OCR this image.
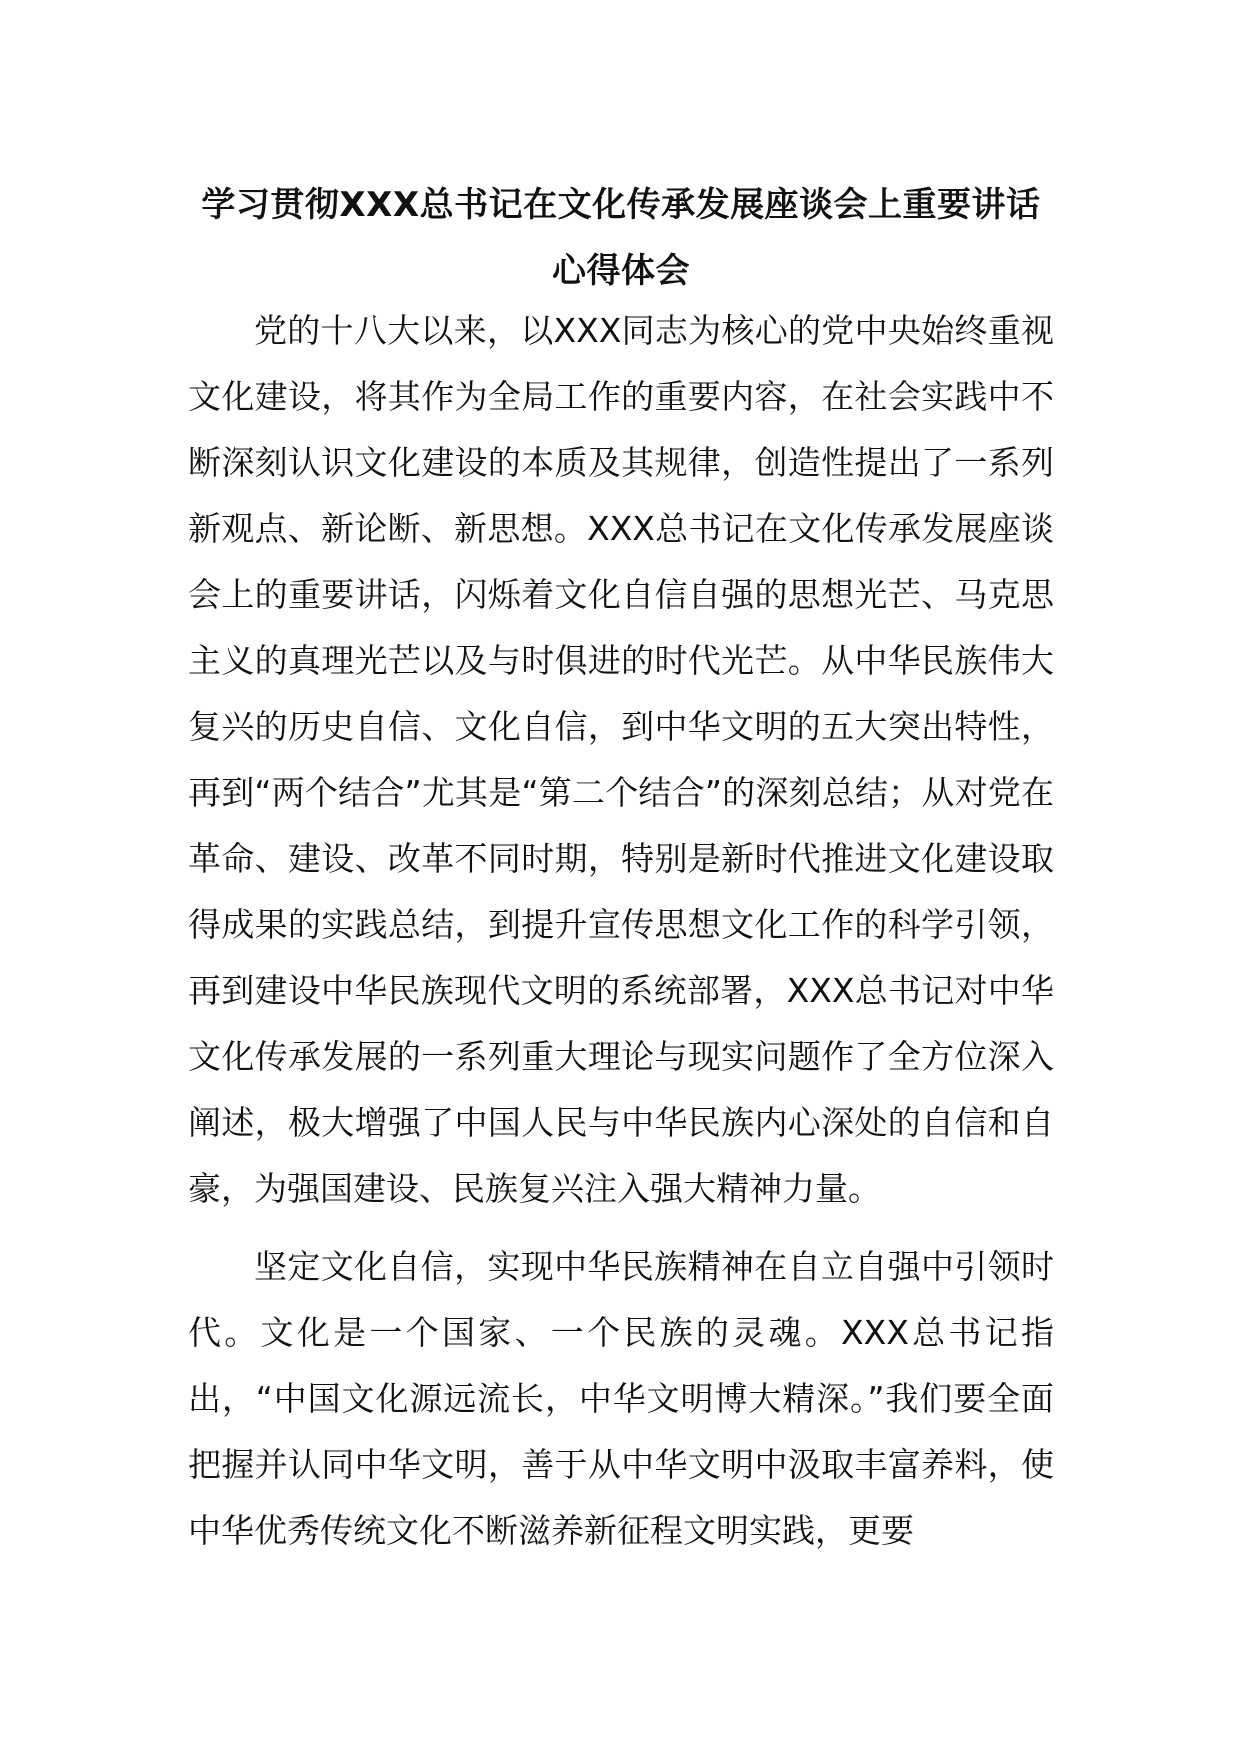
学习贯彻XXX总书记在文化传承发展座谈会上重要讲话心得体会

党的十八大以来，以XXX同志为核心的党中央始终重视文化建设，将其作为全局工作的重要内容，在社会实践中不断深刻认识文化建设的本质及其规律，创造性提出了一系列新观点、新论断、新思想。XXX总书记在文化传承发展座谈会上的重要讲话，闪烁着文化自信自强的思想光芒、马克思主义的真理光芒以及与时俱进的时代光芒。从中华民族伟大复兴的历史自信、文化自信，到中华文明的五大突出特性，再到“两个结合”尤其是“第二个结合”的深刻总结；从对党在革命、建设、改革不同时期，特别是新时代推进文化建设取得成果的实践总结，到提升宣传思想文化工作的科学引领，再到建设中华民族现代文明的系统部署，XXX总书记对中华文化传承发展的一系列重大理论与现实问题作了全方位深入阐述，极大增强了中国人民与中华民族内心深处的自信和自豪，为强国建设、民族复兴注入强大精神力量。

坚定文化自信，实现中华民族精神在自立自强中引领时代。文化是一个国家、一个民族的灵魂。XXX总书记指出，“中国文化源远流长，中华文明博大精深。”我们要全面把握并认同中华文明，善于从中华文明中汲取丰富养料，使中华优秀传统文化不断滋养新征程文明实践，更要
